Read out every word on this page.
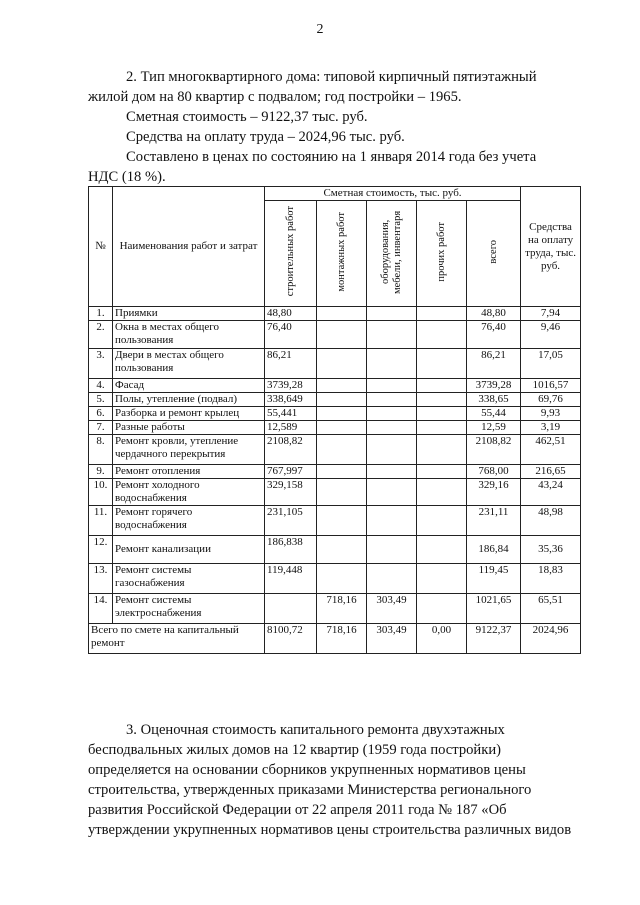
2
2. Тип многоквартирного дома: типовой кирпичный пятиэтажный
жилой дом на 80 квартир с подвалом; год постройки – 1965.
Сметная стоимость – 9122,37 тыс. руб.
Средства на оплату труда – 2024,96 тыс. руб.
Составлено в ценах по состоянию на 1 января 2014 года без учета
НДС (18 %).
№	Наименования работ и затрат	Сметная стоимость, тыс. руб.					Средства на оплату труда, тыс. руб.
		строительных работ	монтажных работ	оборудования, мебели, инвентаря	прочих работ	всего	
1.	Приямки	48,80				48,80	7,94
2.	Окна в местах общего пользования	76,40				76,40	9,46
3.	Двери в местах общего пользования	86,21				86,21	17,05
4.	Фасад	3739,28				3739,28	1016,57
5.	Полы, утепление (подвал)	338,649				338,65	69,76
6.	Разборка и ремонт крылец	55,441				55,44	9,93
7.	Разные работы	12,589				12,59	3,19
8.	Ремонт кровли, утепление чердачного перекрытия	2108,82				2108,82	462,51
9.	Ремонт отопления	767,997				768,00	216,65
10.	Ремонт холодного водоснабжения	329,158				329,16	43,24
11.	Ремонт горячего водоснабжения	231,105				231,11	48,98
12.	Ремонт канализации	186,838				186,84	35,36
13.	Ремонт системы газоснабжения	119,448				119,45	18,83
14.	Ремонт системы электроснабжения		718,16	303,49		1021,65	65,51
Всего по смете на капитальный ремонт		8100,72	718,16	303,49	0,00	9122,37	2024,96
3. Оценочная стоимость капитального ремонта двухэтажных
бесподвальных жилых домов на 12 квартир (1959 года постройки)
определяется на основании сборников укрупненных нормативов цены
строительства, утвержденных приказами Министерства регионального
развития Российской Федерации от 22 апреля 2011 года № 187 «Об
утверждении укрупненных нормативов цены строительства различных видов
